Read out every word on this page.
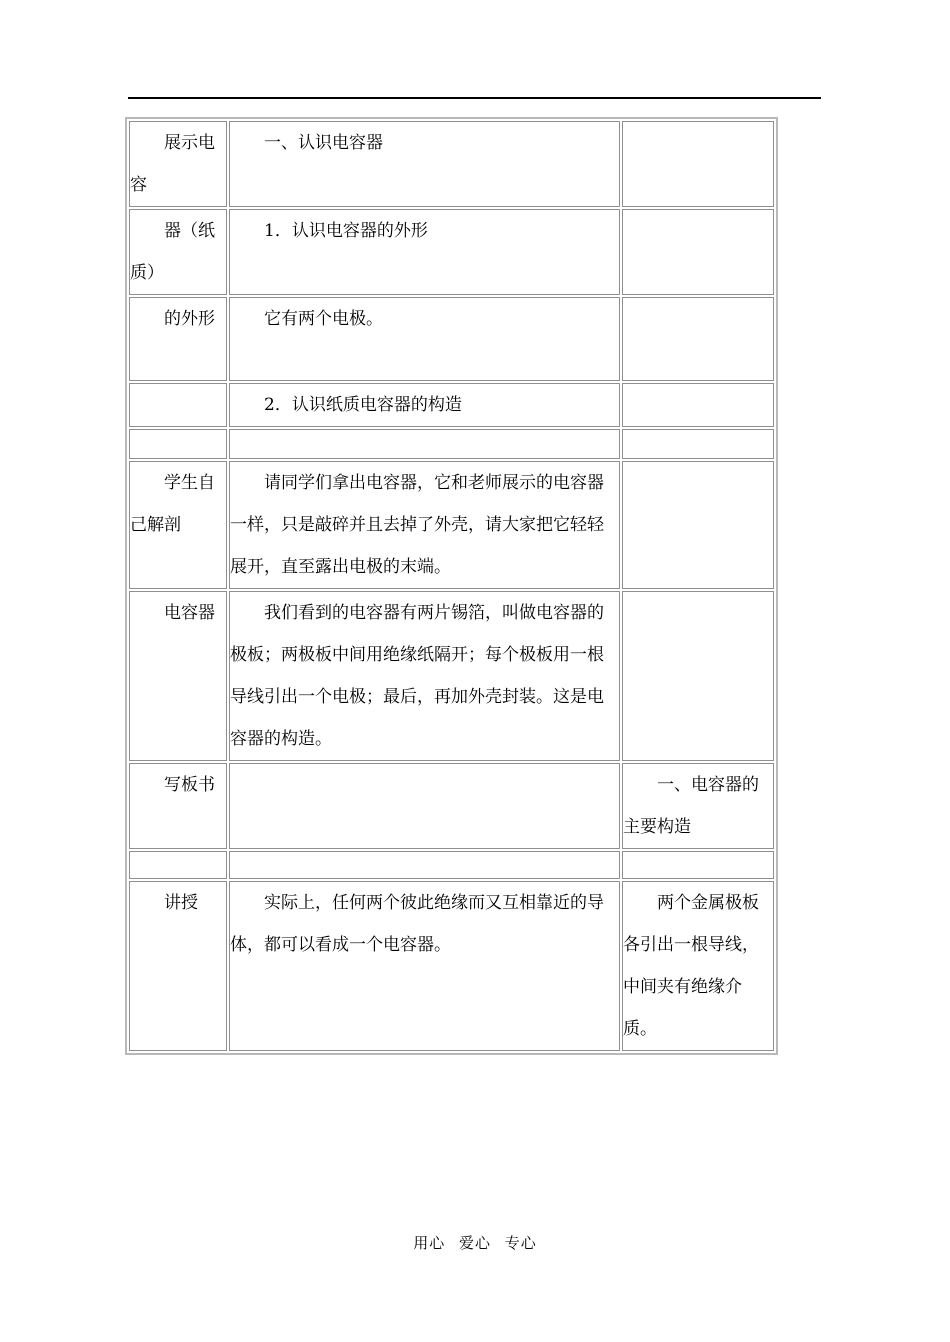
展示电容	一、认识电容器	

器（纸质）	1．认识电容器的外形	

的外形	它有两个电极。	

	2．认识纸质电容器的构造	

学生自己解剖	请同学们拿出电容器，它和老师展示的电容器一样，只是敲碎并且去掉了外壳，请大家把它轻轻展开，直至露出电极的末端。	

电容器	我们看到的电容器有两片锡箔，叫做电容器的极板；两极板中间用绝缘纸隔开；每个极板用一根导线引出一个电极；最后，再加外壳封装。这是电容器的构造。	

写板书		一、电容器的主要构造

讲授	实际上，任何两个彼此绝缘而又互相靠近的导体，都可以看成一个电容器。	两个金属极板各引出一根导线，中间夹有绝缘介质。
用心 爱心 专心
